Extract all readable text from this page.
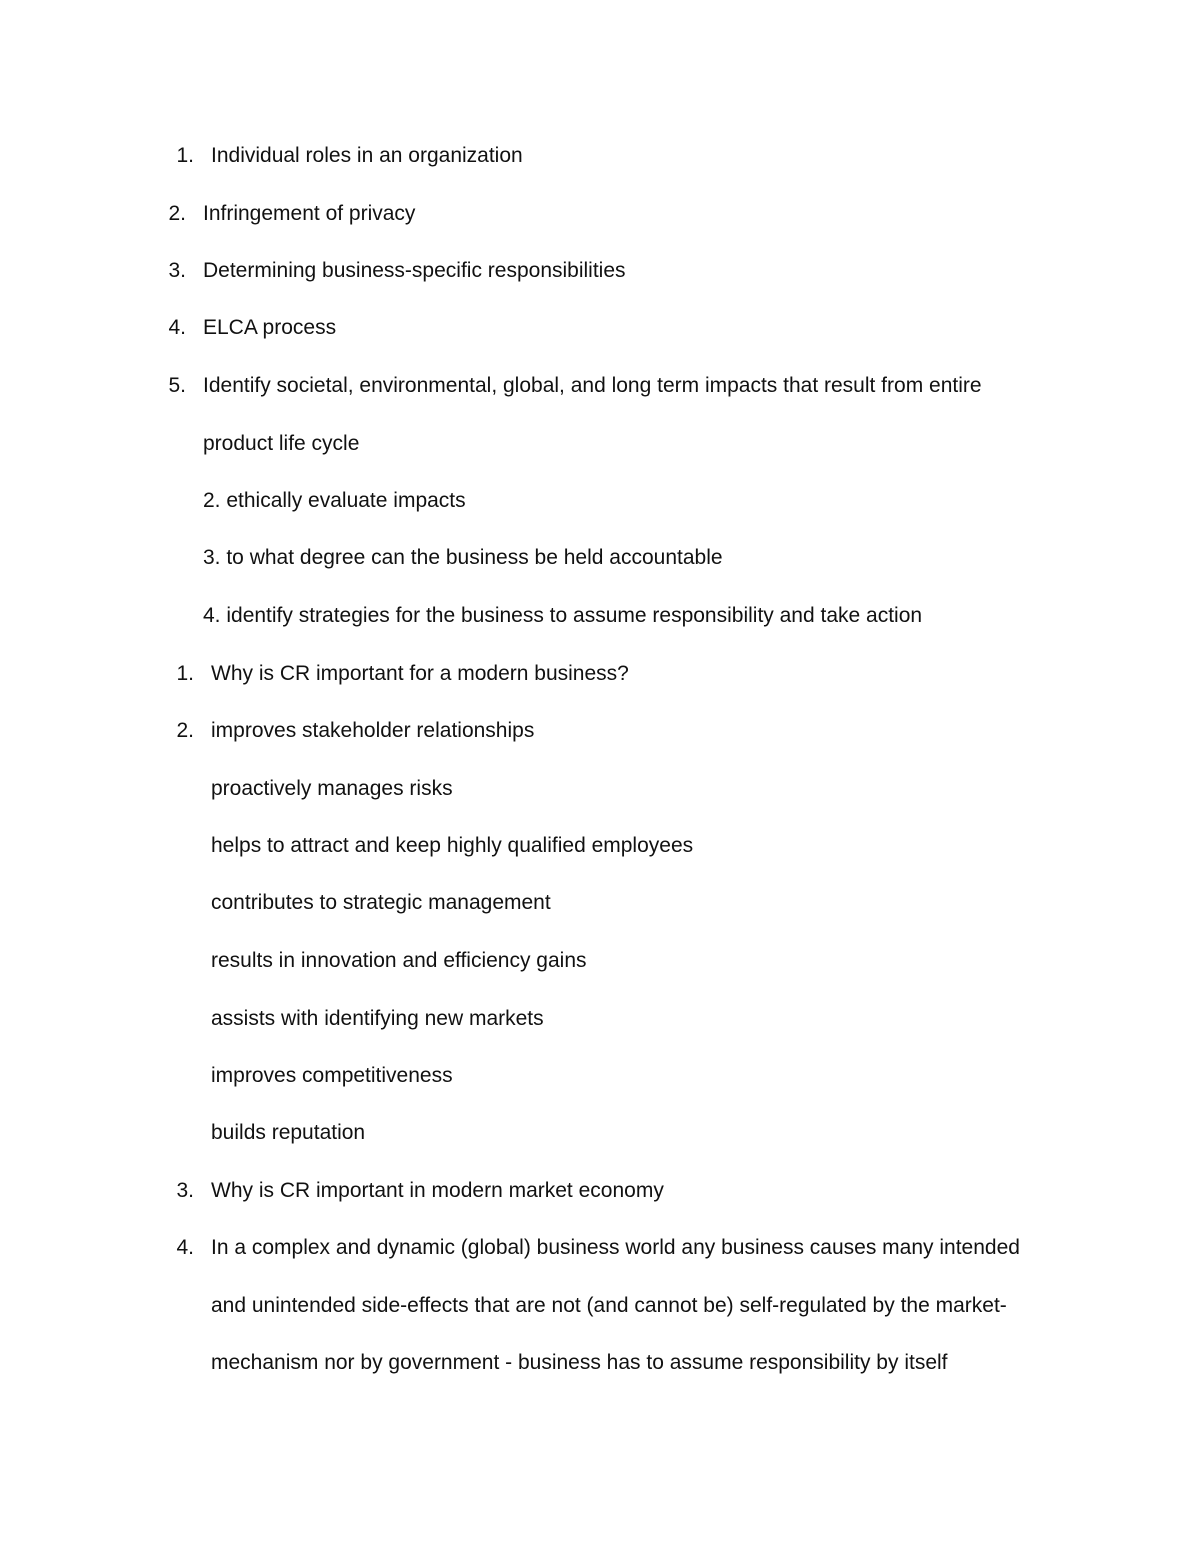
1. Individual roles in an organization
2. Infringement of privacy
3. Determining business-specific responsibilities
4. ELCA process
5. Identify societal, environmental, global, and long term impacts that result from entire
product life cycle
2. ethically evaluate impacts
3. to what degree can the business be held accountable
4. identify strategies for the business to assume responsibility and take action
1. Why is CR important for a modern business?
2. improves stakeholder relationships
proactively manages risks
helps to attract and keep highly qualified employees
contributes to strategic management
results in innovation and efficiency gains
assists with identifying new markets
improves competitiveness
builds reputation
3. Why is CR important in modern market economy
4. In a complex and dynamic (global) business world any business causes many intended
and unintended side-effects that are not (and cannot be) self-regulated by the market-
mechanism nor by government - business has to assume responsibility by itself
